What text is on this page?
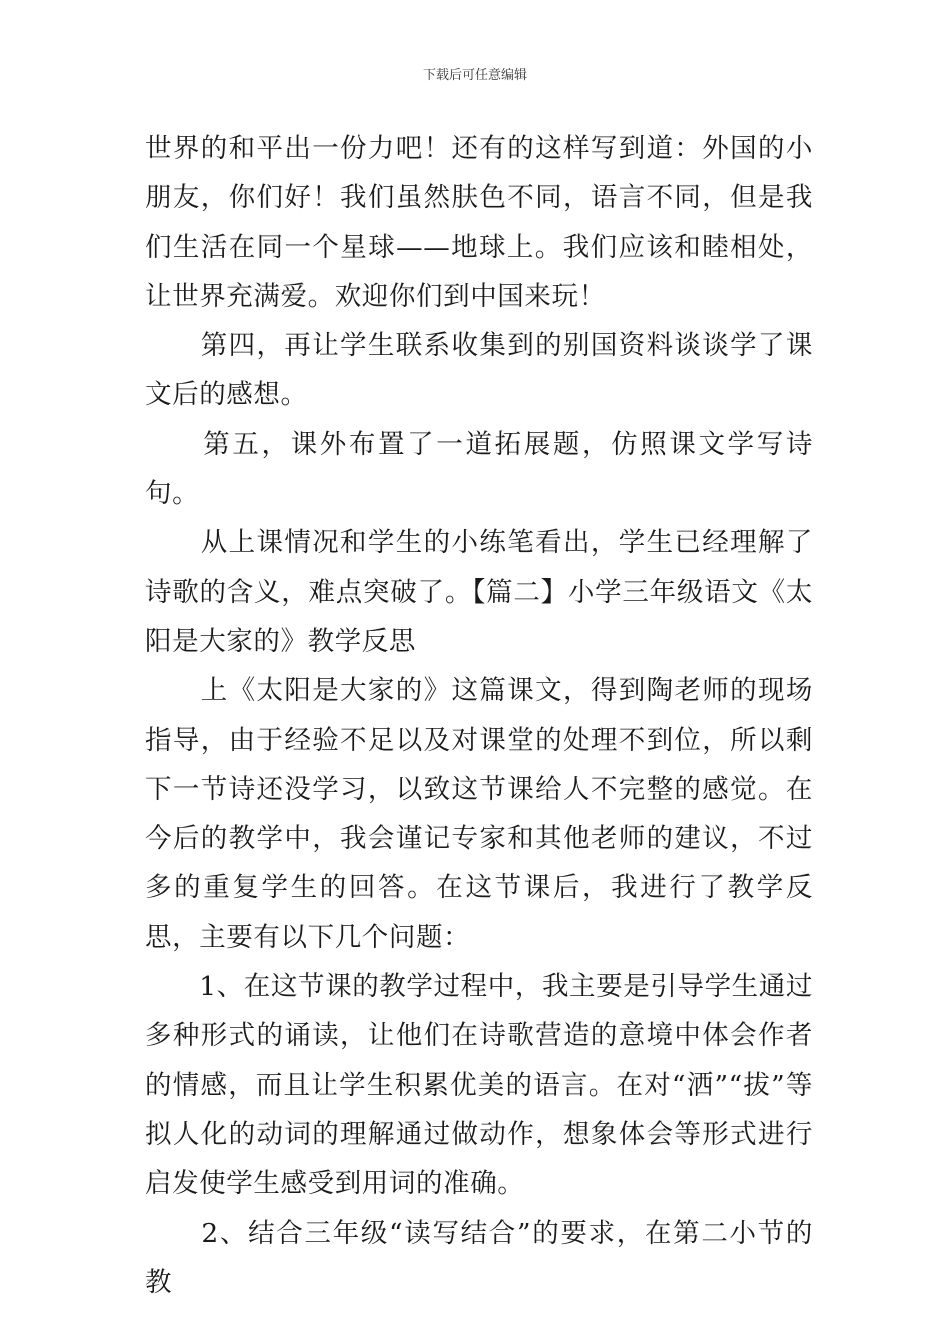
下载后可任意编辑

世界的和平出一份力吧！还有的这样写到道：外国的小朋友，你们好！我们虽然肤色不同，语言不同，但是我们生活在同一个星球——地球上。我们应该和睦相处，让世界充满爱。欢迎你们到中国来玩！

　　第四，再让学生联系收集到的别国资料谈谈学了课文后的感想。

　　第五，课外布置了一道拓展题，仿照课文学写诗句。

　　从上课情况和学生的小练笔看出，学生已经理解了诗歌的含义，难点突破了。【篇二】小学三年级语文《太阳是大家的》教学反思

　　上《太阳是大家的》这篇课文，得到陶老师的现场指导，由于经验不足以及对课堂的处理不到位，所以剩下一节诗还没学习，以致这节课给人不完整的感觉。在今后的教学中，我会谨记专家和其他老师的建议，不过多的重复学生的回答。在这节课后，我进行了教学反思，主要有以下几个问题：

　　1、在这节课的教学过程中，我主要是引导学生通过多种形式的诵读，让他们在诗歌营造的意境中体会作者的情感，而且让学生积累优美的语言。在对“洒”“拔”等拟人化的动词的理解通过做动作，想象体会等形式进行启发使学生感受到用词的准确。

　　2、结合三年级“读写结合”的要求，在第二小节的教
